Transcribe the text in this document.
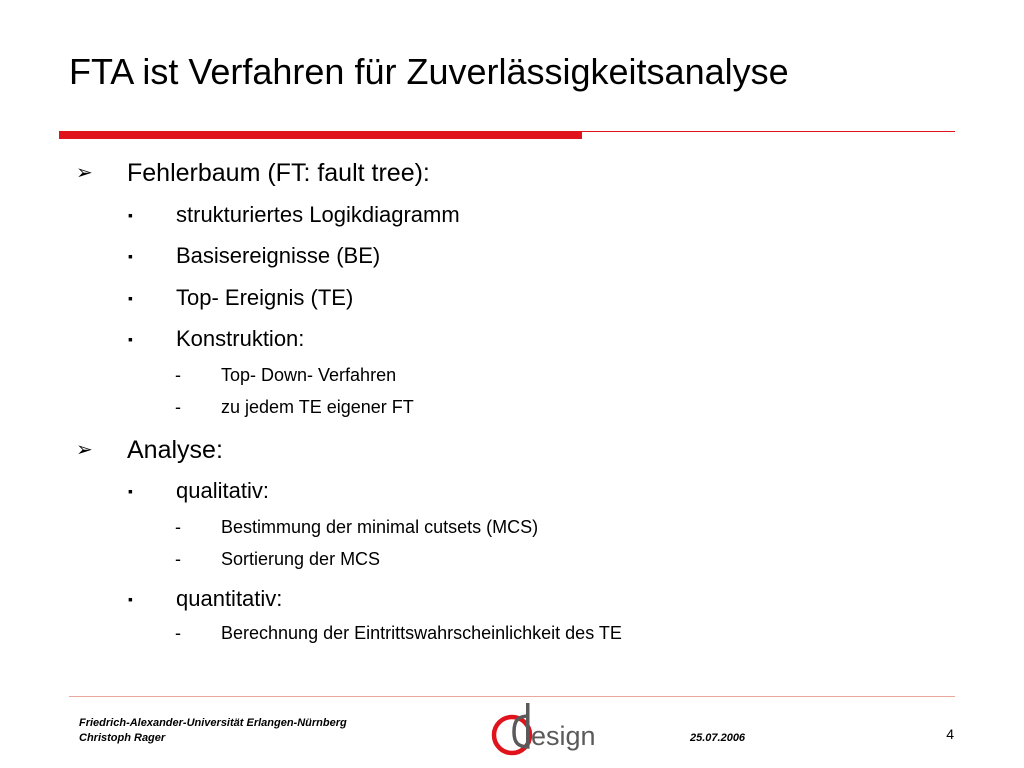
FTA ist Verfahren für Zuverlässigkeitsanalyse
➢ Fehlerbaum (FT: fault tree):
▪ strukturiertes Logikdiagramm
▪ Basisereignisse (BE)
▪ Top- Ereignis (TE)
▪ Konstruktion:
- Top- Down- Verfahren
- zu jedem TE eigener FT
➢ Analyse:
▪ qualitativ:
- Bestimmung der minimal cutsets (MCS)
- Sortierung der MCS
▪ quantitativ:
- Berechnung der Eintrittswahrscheinlichkeit des TE
Friedrich-Alexander-Universität Erlangen-Nürnberg
Christoph Rager	esign	25.07.2006	4
